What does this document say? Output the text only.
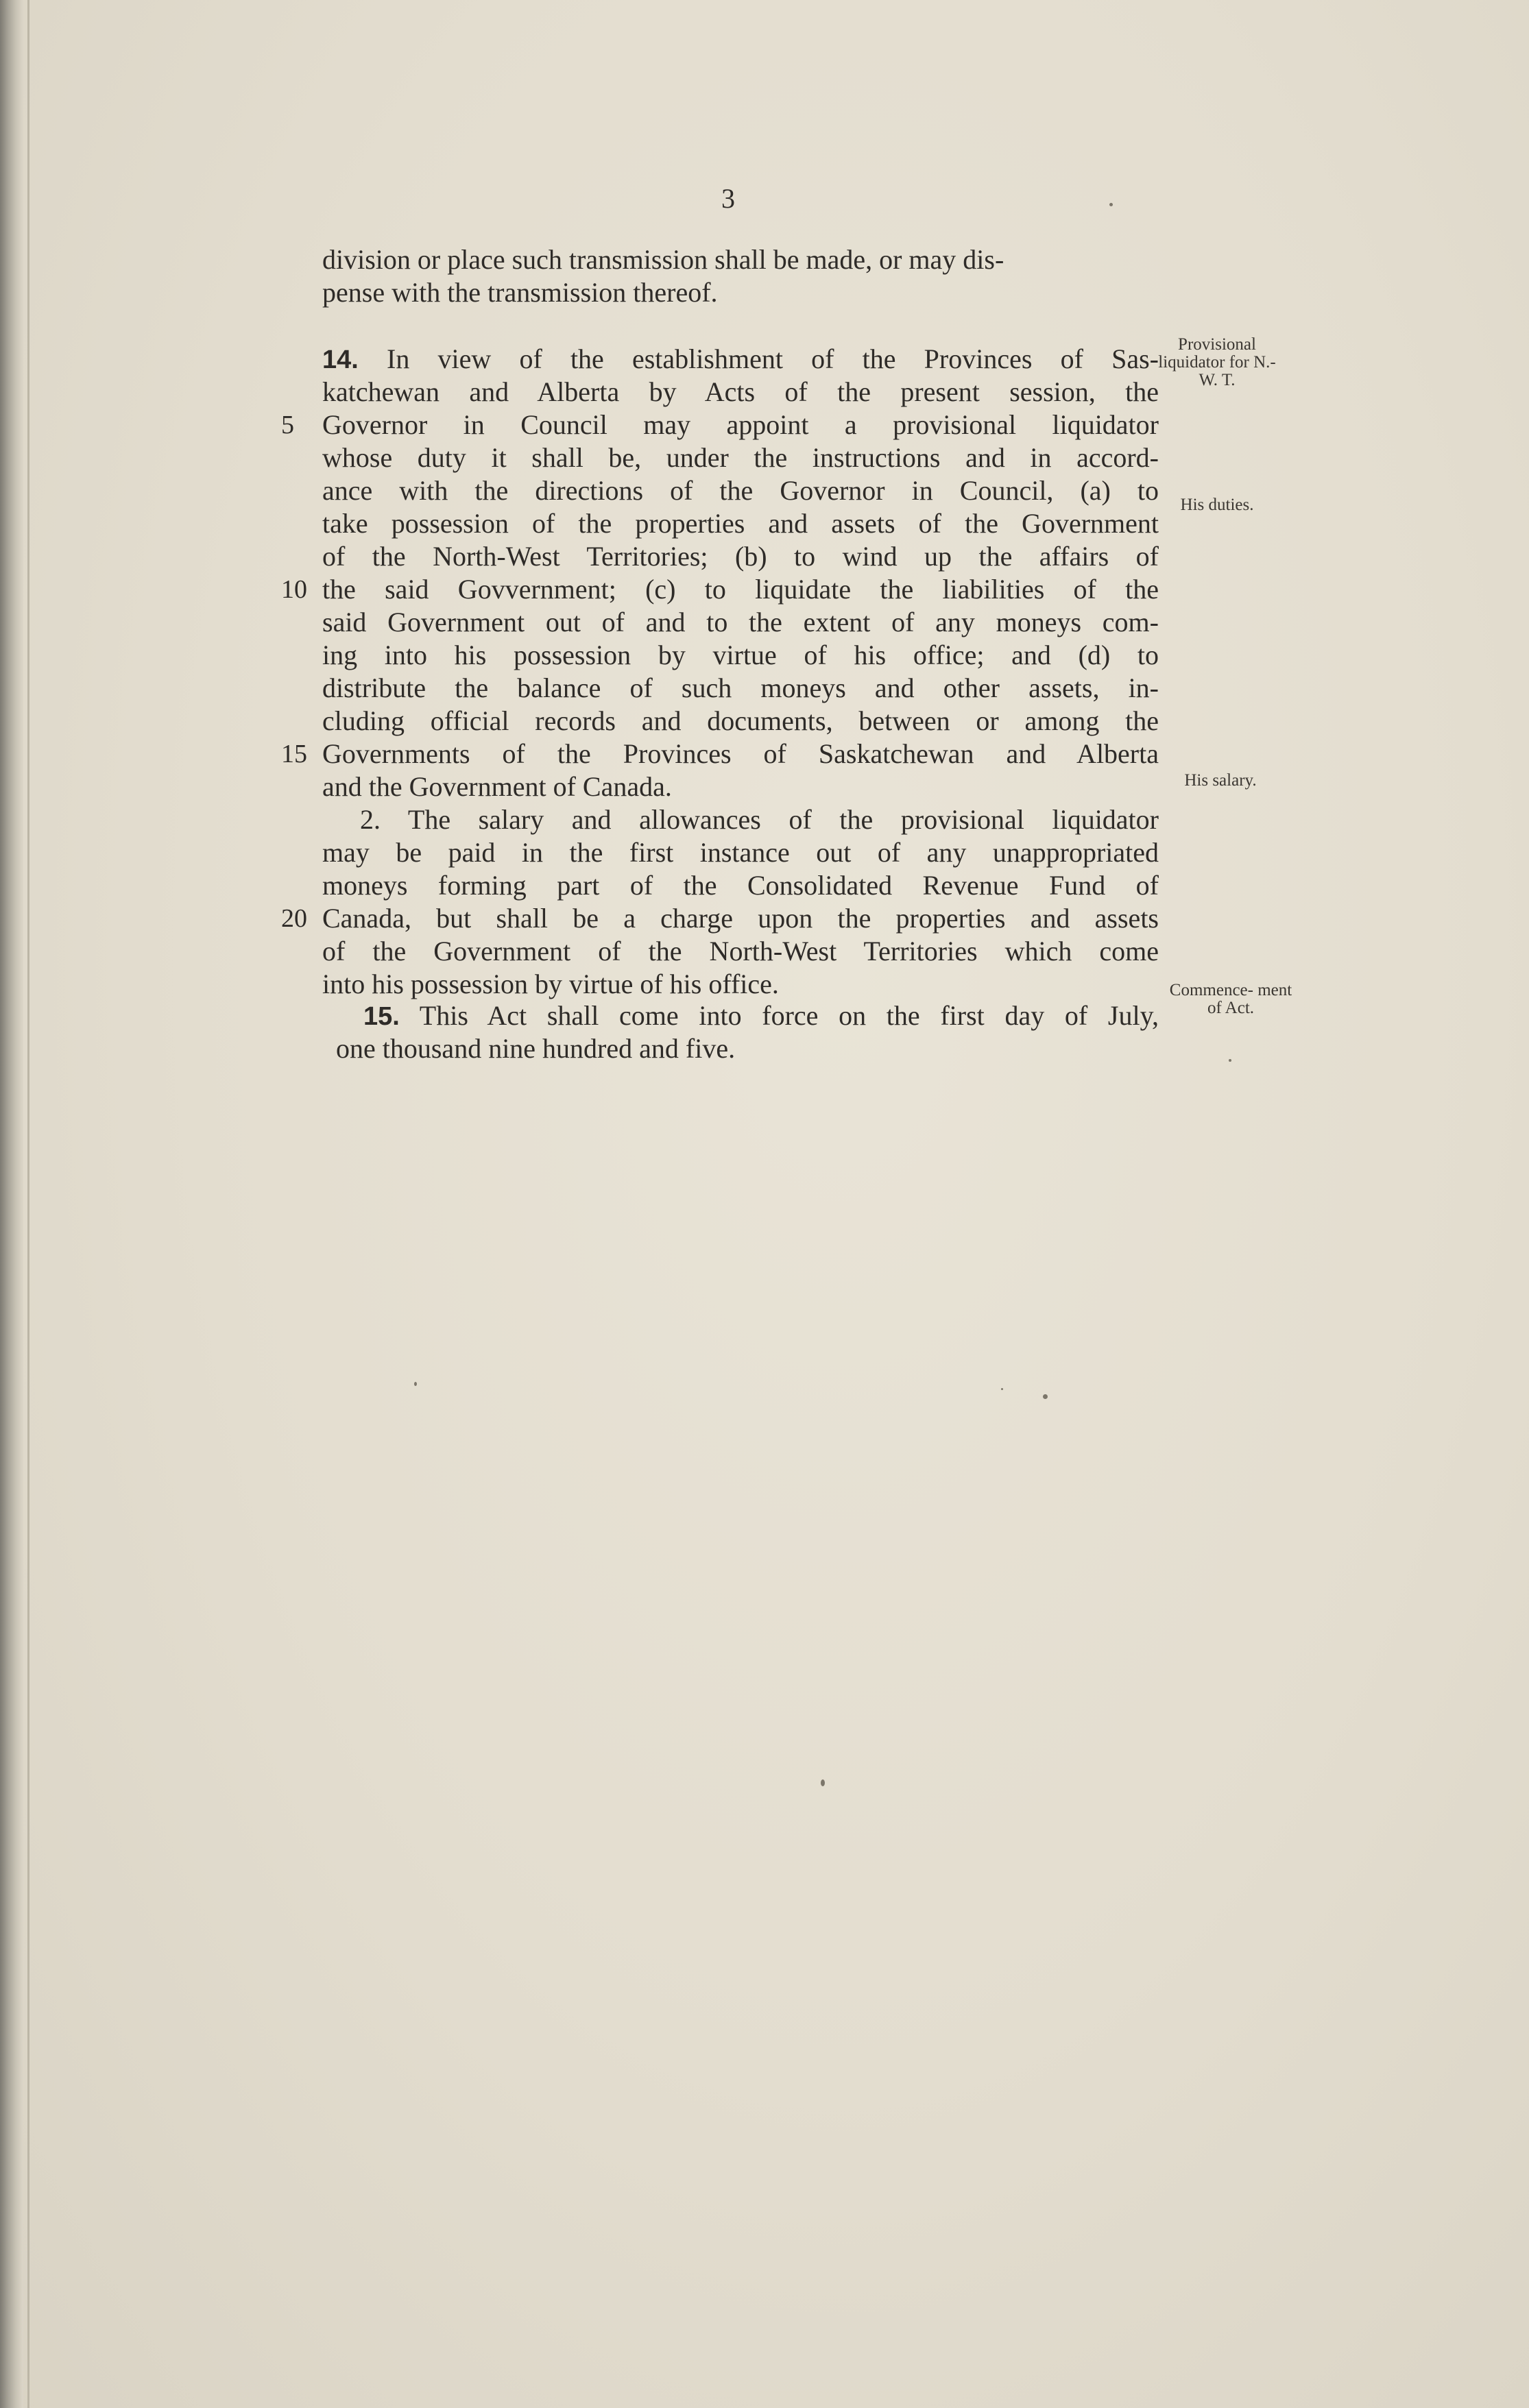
3
division or place such transmission shall be made, or may dis-
pense with the transmission thereof.
14. In view of the establishment of the Provinces of Sas-
katchewan and Alberta by Acts of the present session, the
5	Governor in Council may appoint a provisional liquidator
whose duty it shall be, under the instructions and in accord-
ance with the directions of the Governor in Council, (a) to
take possession of the properties and assets of the Government
of the North-West Territories; (b) to wind up the affairs of
10 the said Govvernment; (c) to liquidate the liabilities of the
said Government out of and to the extent of any moneys com-
ing into his possession by virtue of his office; and (d) to
distribute the balance of such moneys and other assets, in-
cluding official records and documents, between or among the
15 Governments of the Provinces of Saskatchewan and Alberta
and the Government of Canada.
2. The salary and allowances of the provisional liquidator
may be paid in the first instance out of any unappropriated
moneys forming part of the Consolidated Revenue Fund of
20 Canada, but shall be a charge upon the properties and assets
of the Government of the North-West Territories which come
into his possession by virtue of his office.
15. This Act shall come into force on the first day of July,
one thousand nine hundred and five.
Provisional liquidator for N.-W. T.
His duties.
His salary.
Commence- ment of Act.
